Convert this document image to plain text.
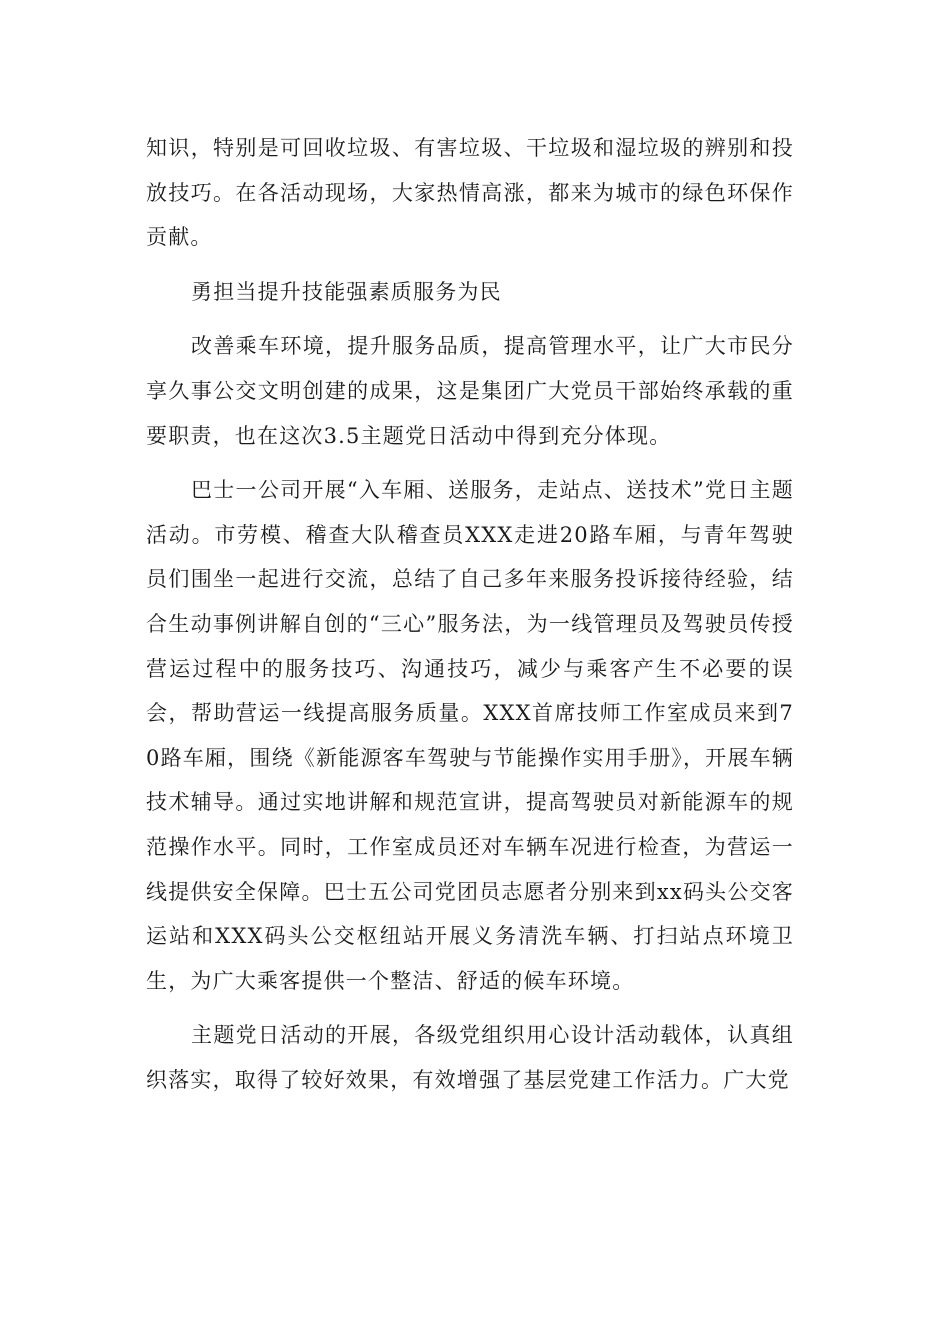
知识，特别是可回收垃圾、有害垃圾、干垃圾和湿垃圾的辨别和投放技巧。在各活动现场，大家热情高涨，都来为城市的绿色环保作贡献。

勇担当提升技能强素质服务为民

改善乘车环境，提升服务品质，提高管理水平，让广大市民分享久事公交文明创建的成果，这是集团广大党员干部始终承载的重要职责，也在这次3.5主题党日活动中得到充分体现。

巴士一公司开展“入车厢、送服务，走站点、送技术”党日主题活动。市劳模、稽查大队稽查员XXX走进20路车厢，与青年驾驶员们围坐一起进行交流，总结了自己多年来服务投诉接待经验，结合生动事例讲解自创的“三心”服务法，为一线管理员及驾驶员传授营运过程中的服务技巧、沟通技巧，减少与乘客产生不必要的误会，帮助营运一线提高服务质量。XXX首席技师工作室成员来到70路车厢，围绕《新能源客车驾驶与节能操作实用手册》，开展车辆技术辅导。通过实地讲解和规范宣讲，提高驾驶员对新能源车的规范操作水平。同时，工作室成员还对车辆车况进行检查，为营运一线提供安全保障。巴士五公司党团员志愿者分别来到xx码头公交客运站和XXX码头公交枢纽站开展义务清洗车辆、打扫站点环境卫生，为广大乘客提供一个整洁、舒适的候车环境。

主题党日活动的开展，各级党组织用心设计活动载体，认真组织落实，取得了较好效果，有效增强了基层党建工作活力。广大党
